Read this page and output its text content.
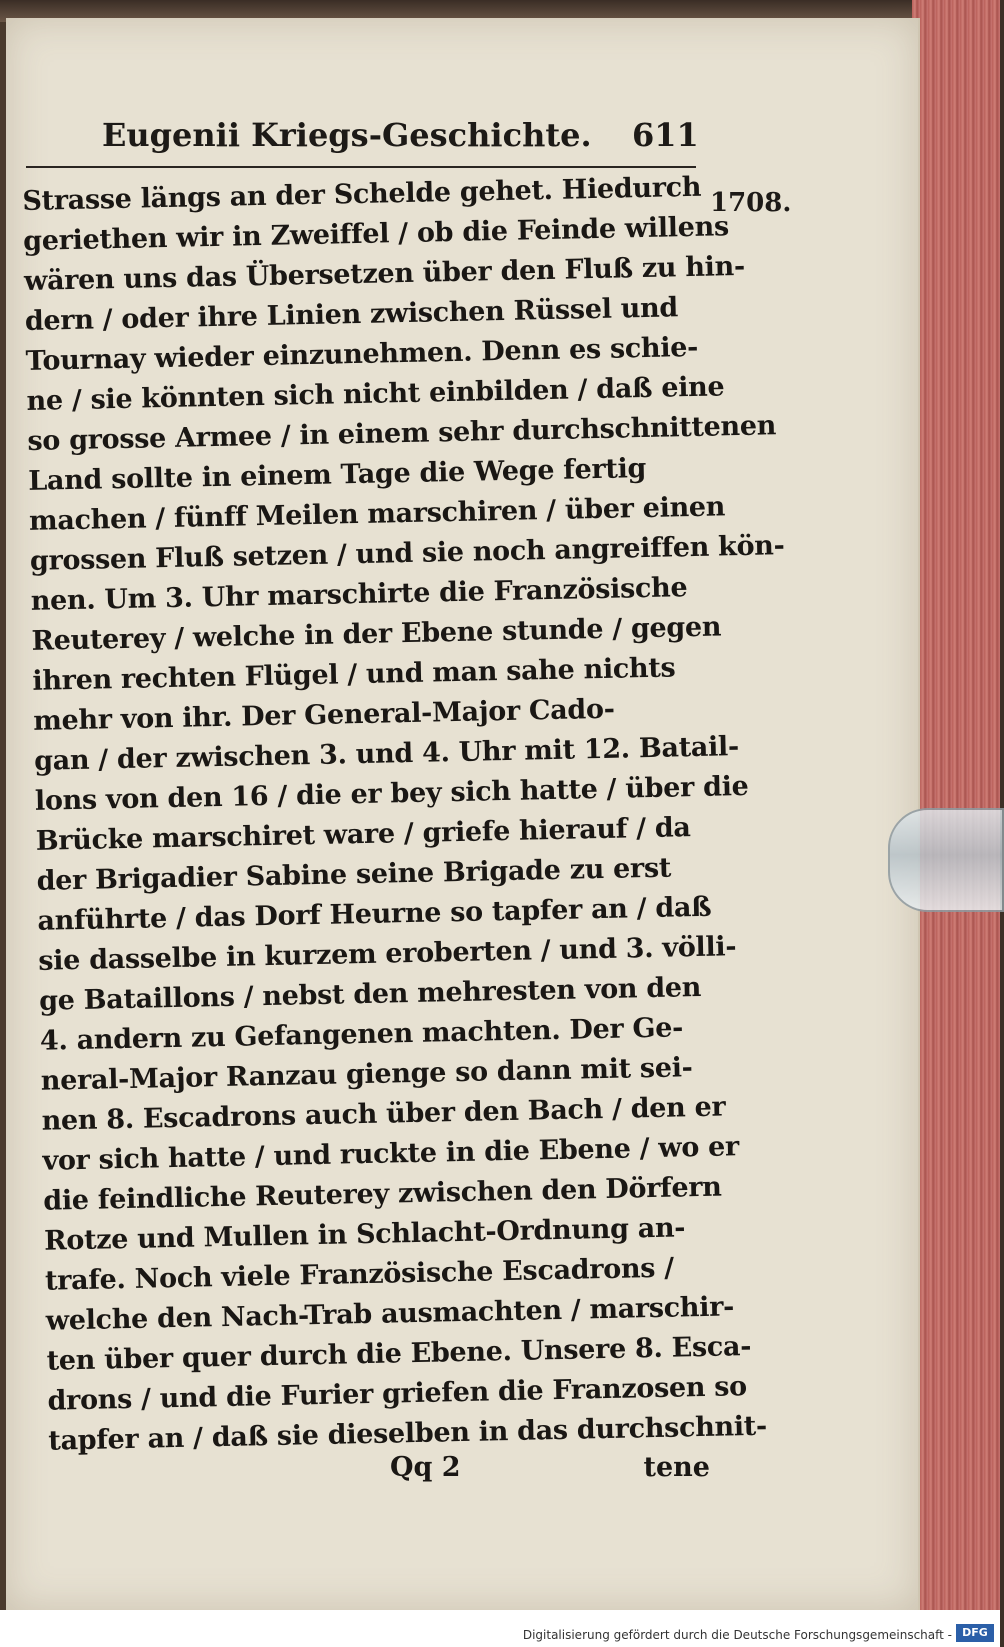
Eugenii Kriegs-Geschichte. 611
1708.
Strasse längs an der Schelde gehet. Hiedurch
geriethen wir in Zweiffel / ob die Feinde willens
wären uns das Übersetzen über den Fluß zu hin-
dern / oder ihre Linien zwischen Rüssel und
Tournay wieder einzunehmen. Denn es schie-
ne / sie könnten sich nicht einbilden / daß eine
so grosse Armee / in einem sehr durchschnittenen
Land sollte in einem Tage die Wege fertig
machen / fünff Meilen marschiren / über einen
grossen Fluß setzen / und sie noch angreiffen kön-
nen. Um 3. Uhr marschirte die Französische
Reuterey / welche in der Ebene stunde / gegen
ihren rechten Flügel / und man sahe nichts
mehr von ihr. Der General-Major Cado-
gan / der zwischen 3. und 4. Uhr mit 12. Batail-
lons von den 16 / die er bey sich hatte / über die
Brücke marschiret ware / griefe hierauf / da
der Brigadier Sabine seine Brigade zu erst
anführte / das Dorf Heurne so tapfer an / daß
sie dasselbe in kurzem eroberten / und 3. völli-
ge Bataillons / nebst den mehresten von den
4. andern zu Gefangenen machten. Der Ge-
neral-Major Ranzau gienge so dann mit sei-
nen 8. Escadrons auch über den Bach / den er
vor sich hatte / und ruckte in die Ebene / wo er
die feindliche Reuterey zwischen den Dörfern
Rotze und Mullen in Schlacht-Ordnung an-
trafe. Noch viele Französische Escadrons /
welche den Nach-Trab ausmachten / marschir-
ten über quer durch die Ebene. Unsere 8. Esca-
drons / und die Furier griefen die Franzosen so
tapfer an / daß sie dieselben in das durchschnit-
Qq 2	tene
Digitalisierung gefördert durch die Deutsche Forschungsgemeinschaft - DFG
